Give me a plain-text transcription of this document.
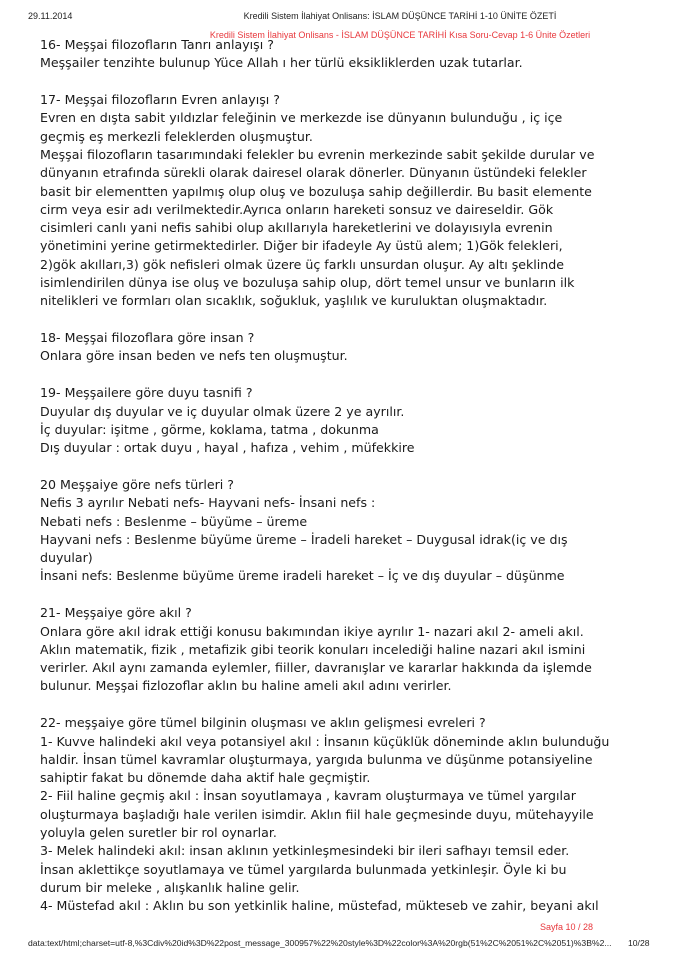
29.11.2014	Kredili Sistem İlahiyat Onlisans: İSLAM DÜŞÜNCE TARİHİ 1-10 ÜNİTE ÖZETİ
Kredili Sistem İlahiyat Onlisans - İSLAM DÜŞÜNCE TARİHİ Kısa Soru-Cevap 1-6 Ünite Özetleri
16- Meşşai filozofların Tanrı anlayışı ?
Meşşailer tenzihte bulunup Yüce Allah ı her türlü eksikliklerden uzak tutarlar.
17- Meşşai filozofların Evren anlayışı ?
Evren en dışta sabit yıldızlar feleğinin ve merkezde ise dünyanın bulunduğu , iç içe
geçmiş eş merkezli feleklerden oluşmuştur.
Meşşai filozofların tasarımındaki felekler bu evrenin merkezinde sabit şekilde durular ve
dünyanın etrafında sürekli olarak dairesel olarak dönerler. Dünyanın üstündeki felekler
basit bir elementten yapılmış olup oluş ve bozuluşa sahip değillerdir. Bu basit elemente
cirm veya esir adı verilmektedir.Ayrıca onların hareketi sonsuz ve daireseldir. Gök
cisimleri canlı yani nefis sahibi olup akıllarıyla hareketlerini ve dolayısıyla evrenin
yönetimini yerine getirmektedirler. Diğer bir ifadeyle Ay üstü alem; 1)Gök felekleri,
2)gök akılları,3) gök nefisleri olmak üzere üç farklı unsurdan oluşur. Ay altı şeklinde
isimlendirilen dünya ise oluş ve bozuluşa sahip olup, dört temel unsur ve bunların ilk
nitelikleri ve formları olan sıcaklık, soğukluk, yaşlılık ve kuruluktan oluşmaktadır.
18- Meşşai filozoflara göre insan ?
Onlara göre insan beden ve nefs ten oluşmuştur.
19- Meşşailere göre duyu tasnifi ?
Duyular dış duyular ve iç duyular olmak üzere 2 ye ayrılır.
İç duyular: işitme , görme, koklama, tatma , dokunma
Dış duyular : ortak duyu , hayal , hafıza , vehim , müfekkire
20 Meşşaiye göre nefs türleri ?
Nefis 3 ayrılır Nebati nefs- Hayvani nefs- İnsani nefs :
Nebati nefs : Beslenme – büyüme – üreme
Hayvani nefs : Beslenme büyüme üreme – İradeli hareket – Duygusal idrak(iç ve dış
duyular)
İnsani nefs: Beslenme büyüme üreme iradeli hareket – İç ve dış duyular – düşünme
21- Meşşaiye göre akıl ?
Onlara göre akıl idrak ettiği konusu bakımından ikiye ayrılır 1- nazari akıl 2- ameli akıl.
Aklın matematik, fizik , metafizik gibi teorik konuları incelediği haline nazari akıl ismini
verirler. Akıl aynı zamanda eylemler, fiiller, davranışlar ve kararlar hakkında da işlemde
bulunur. Meşşai fizlozoflar aklın bu haline ameli akıl adını verirler.
22- meşşaiye göre tümel bilginin oluşması ve aklın gelişmesi evreleri ?
1- Kuvve halindeki akıl veya potansiyel akıl : İnsanın küçüklük döneminde aklın bulunduğu
haldir. İnsan tümel kavramlar oluşturmaya, yargıda bulunma ve düşünme potansiyeline
sahiptir fakat bu dönemde daha aktif hale geçmiştir.
2- Fiil haline geçmiş akıl : İnsan soyutlamaya , kavram oluşturmaya ve tümel yargılar
oluşturmaya başladığı hale verilen isimdir. Aklın fiil hale geçmesinde duyu, mütehayyile
yoluyla gelen suretler bir rol oynarlar.
3- Melek halindeki akıl: insan aklının yetkinleşmesindeki bir ileri safhayı temsil eder.
İnsan aklettikçe soyutlamaya ve tümel yargılarda bulunmada yetkinleşir. Öyle ki bu
durum bir meleke , alışkanlık haline gelir.
4- Müstefad akıl : Aklın bu son yetkinlik haline, müstefad, mükteseb ve zahir, beyani akıl
Sayfa 10 / 28
data:text/html;charset=utf-8,%3Cdiv%20id%3D%22post_message_300957%22%20style%3D%22color%3A%20rgb(51%2C%2051%2C%2051)%3B%2...	10/28
